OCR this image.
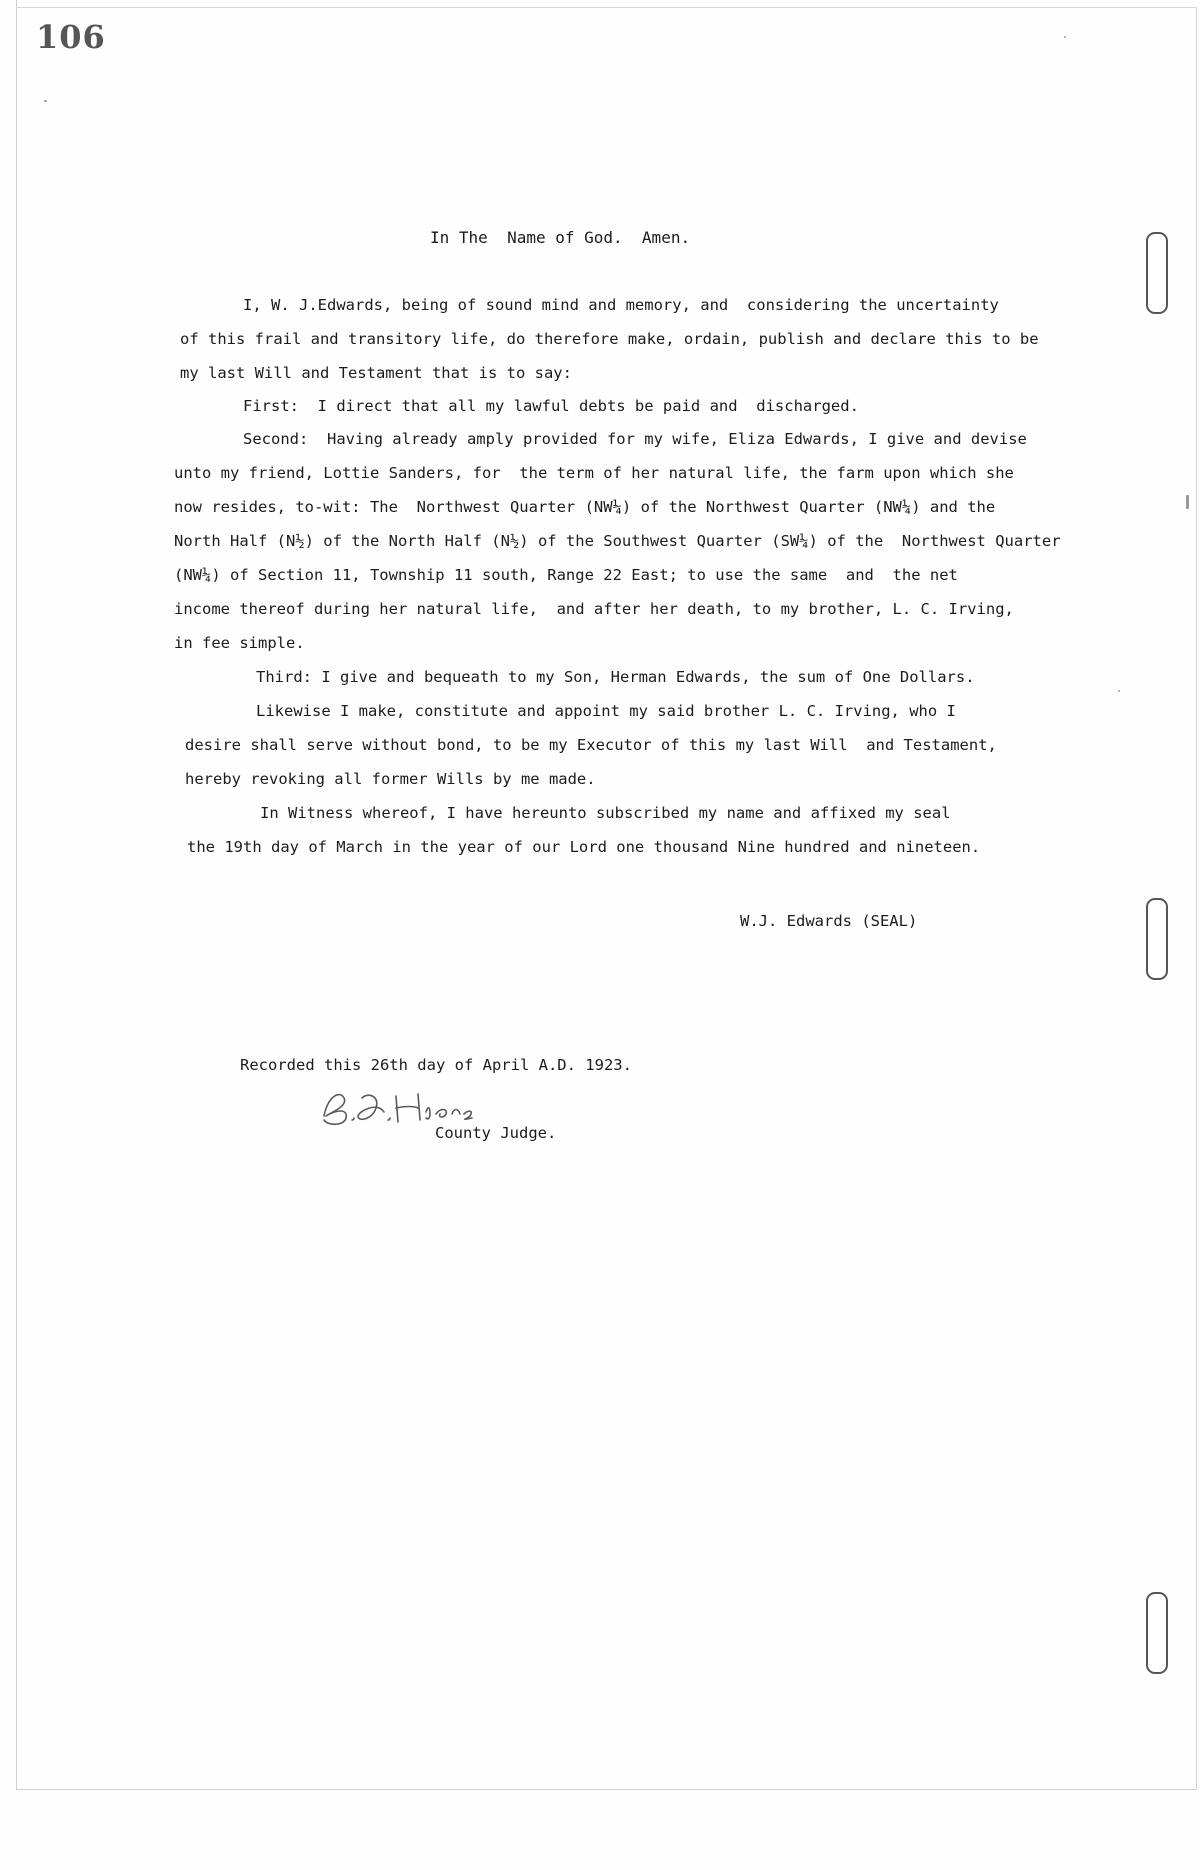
106
In The  Name of God.  Amen.
I, W. J.Edwards, being of sound mind and memory, and  considering the uncertainty
of this frail and transitory life, do therefore make, ordain, publish and declare this to be
my last Will and Testament that is to say:
First:  I direct that all my lawful debts be paid and  discharged.
Second:  Having already amply provided for my wife, Eliza Edwards, I give and devise
unto my friend, Lottie Sanders, for  the term of her natural life, the farm upon which she
now resides, to-wit: The  Northwest Quarter (NW¼) of the Northwest Quarter (NW¼) and the
North Half (N½) of the North Half (N½) of the Southwest Quarter (SW¼) of the  Northwest Quarter
(NW¼) of Section 11, Township 11 south, Range 22 East; to use the same  and  the net
income thereof during her natural life,  and after her death, to my brother, L. C. Irving,
in fee simple.
Third: I give and bequeath to my Son, Herman Edwards, the sum of One Dollars.
Likewise I make, constitute and appoint my said brother L. C. Irving, who I
desire shall serve without bond, to be my Executor of this my last Will  and Testament,
hereby revoking all former Wills by me made.
In Witness whereof, I have hereunto subscribed my name and affixed my seal
the 19th day of March in the year of our Lord one thousand Nine hundred and nineteen.
W.J. Edwards (SEAL)
Recorded this 26th day of April A.D. 1923.
B.D.Hiers
County Judge.
